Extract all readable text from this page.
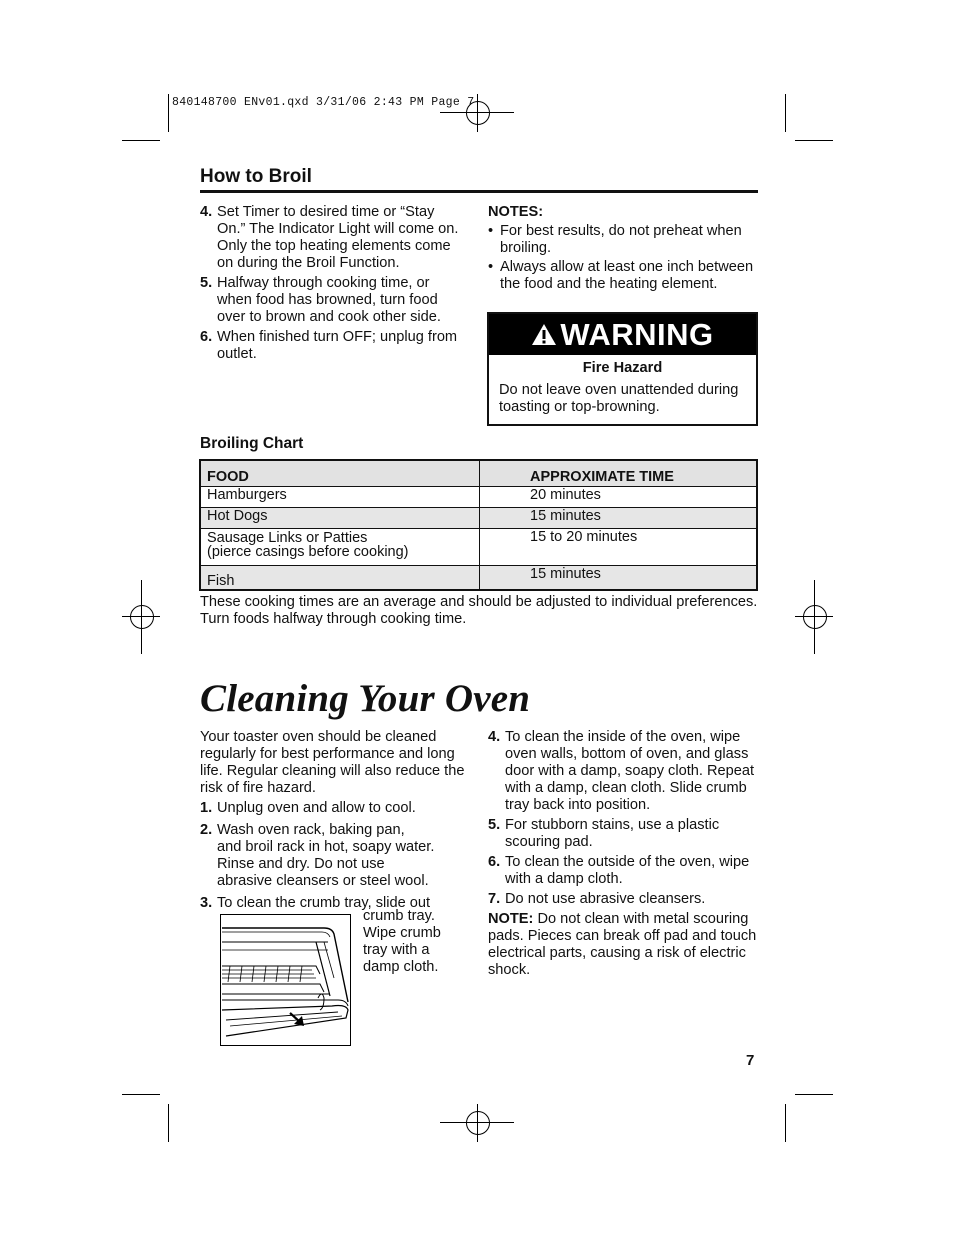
840148700 ENv01.qxd 3/31/06 2:43 PM Page 7
How to Broil
4. Set Timer to desired time or “Stay On.” The Indicator Light will come on. Only the top heating elements come on during the Broil Function.
5. Halfway through cooking time, or when food has browned, turn food over to brown and cook other side.
6. When finished turn OFF; unplug from outlet.
NOTES:
• For best results, do not preheat when broiling.
• Always allow at least one inch between the food and the heating element.
WARNING
Fire Hazard
Do not leave oven unattended during toasting or top-browning.
Broiling Chart
FOOD	APPROXIMATE TIME
Hamburgers	20 minutes
Hot Dogs	15 minutes

Sausage Links or Patties
(pierce casings before cooking)	15 to 20 minutes
Fish	15 minutes
These cooking times are an average and should be adjusted to individual preferences. Turn foods halfway through cooking time.
Cleaning Your Oven
Your toaster oven should be cleaned regularly for best performance and long life. Regular cleaning will also reduce the risk of fire hazard.
1. Unplug oven and allow to cool.
2. Wash oven rack, baking pan,
and broil rack in hot, soapy water.
Rinse and dry. Do not use
abrasive cleansers or steel wool.
3. To clean the crumb tray, slide out
crumb tray.
Wipe crumb
tray with a
damp cloth.
4. To clean the inside of the oven, wipe oven walls, bottom of oven, and glass door with a damp, soapy cloth. Repeat with a damp, clean cloth. Slide crumb tray back into position.
5. For stubborn stains, use a plastic scouring pad.
6. To clean the outside of the oven, wipe with a damp cloth.
7. Do not use abrasive cleansers.
NOTE: Do not clean with metal scouring pads. Pieces can break off pad and touch electrical parts, causing a risk of electric shock.
7
